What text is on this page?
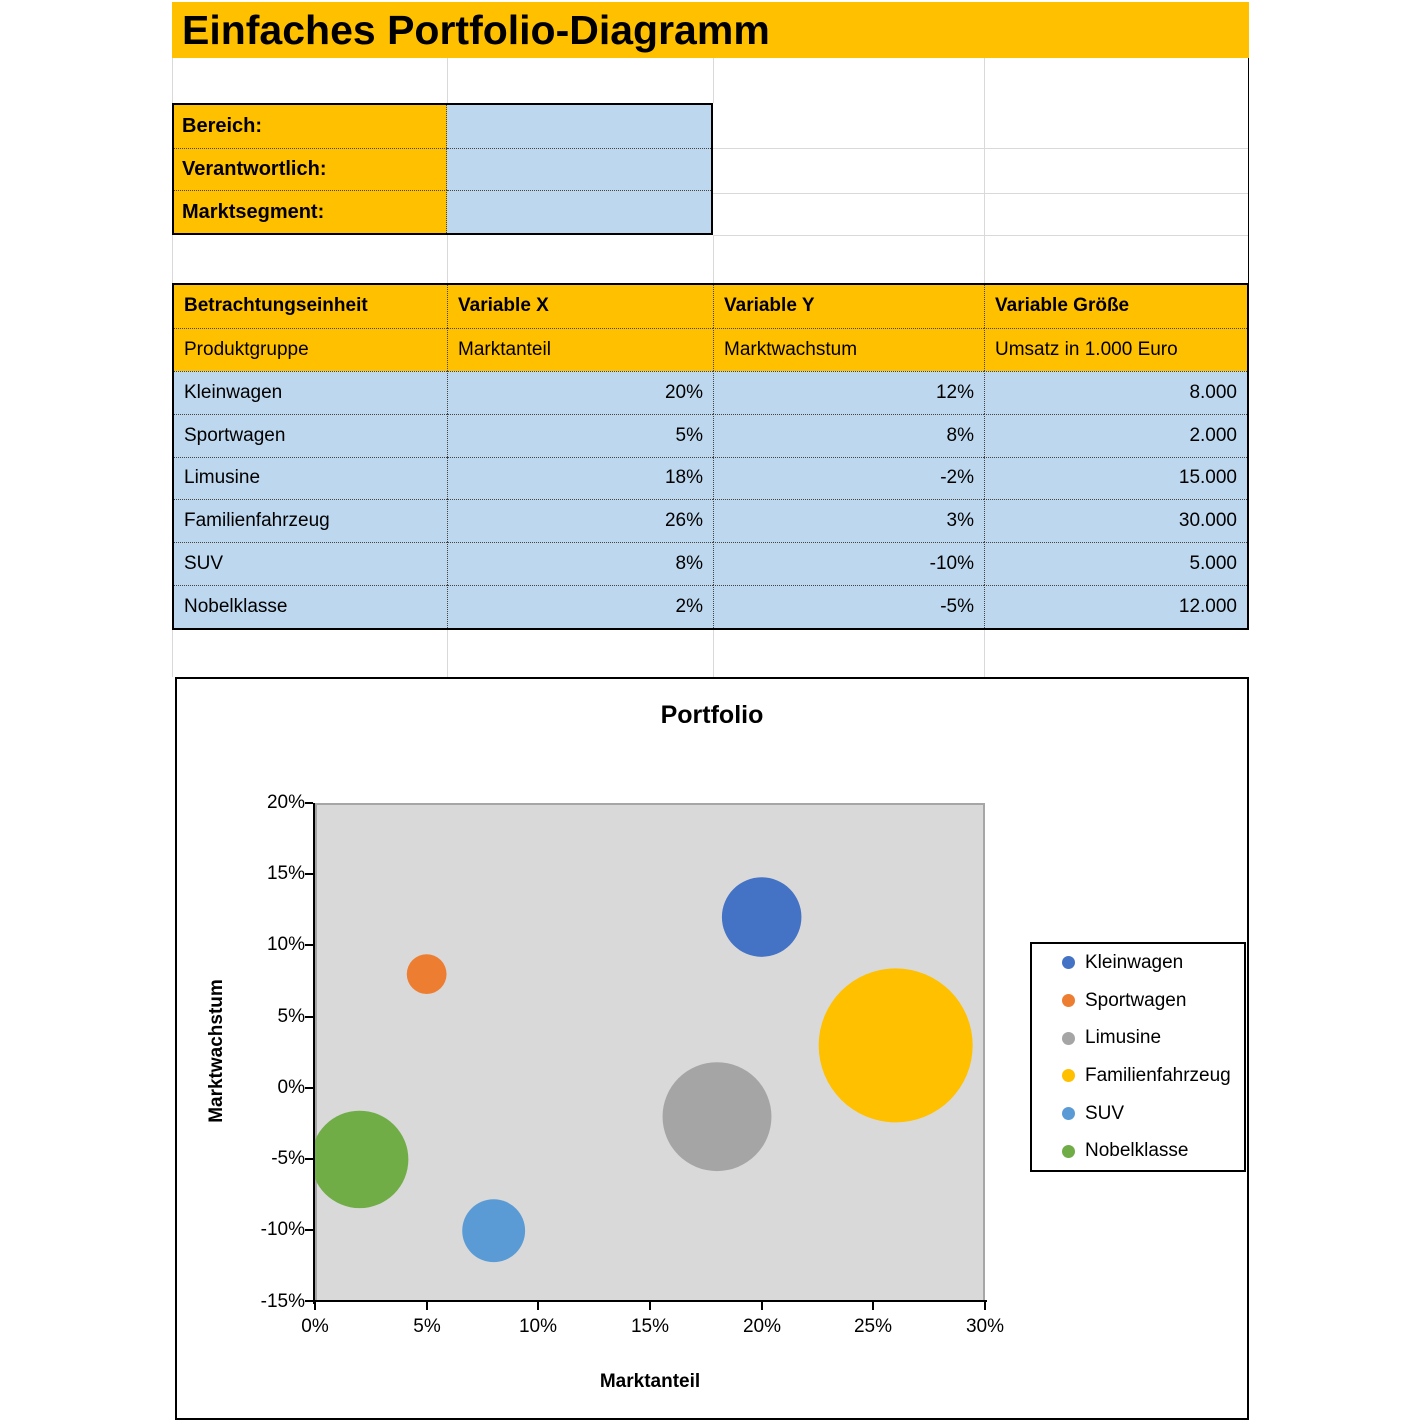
Einfaches Portfolio-Diagramm
Bereich:
Verantwortlich:
Marktsegment:
Betrachtungseinheit	Variable X	Variable Y	Variable Größe
Produktgruppe	Marktanteil	Marktwachstum	Umsatz in 1.000 Euro
Kleinwagen	20%	12%	8.000
Sportwagen	5%	8%	2.000
Limusine	18%	-2%	15.000
Familienfahrzeug	26%	3%	30.000
SUV	8%	-10%	5.000
Nobelklasse	2%	-5%	12.000
Portfolio
20%
15%
10%
5%
0%
-5%
-10%
-15%
0%	5%	10%	15%	20%	25%	30%
Marktwachstum
Marktanteil
Kleinwagen
Sportwagen
Limusine
Familienfahrzeug
SUV
Nobelklasse
